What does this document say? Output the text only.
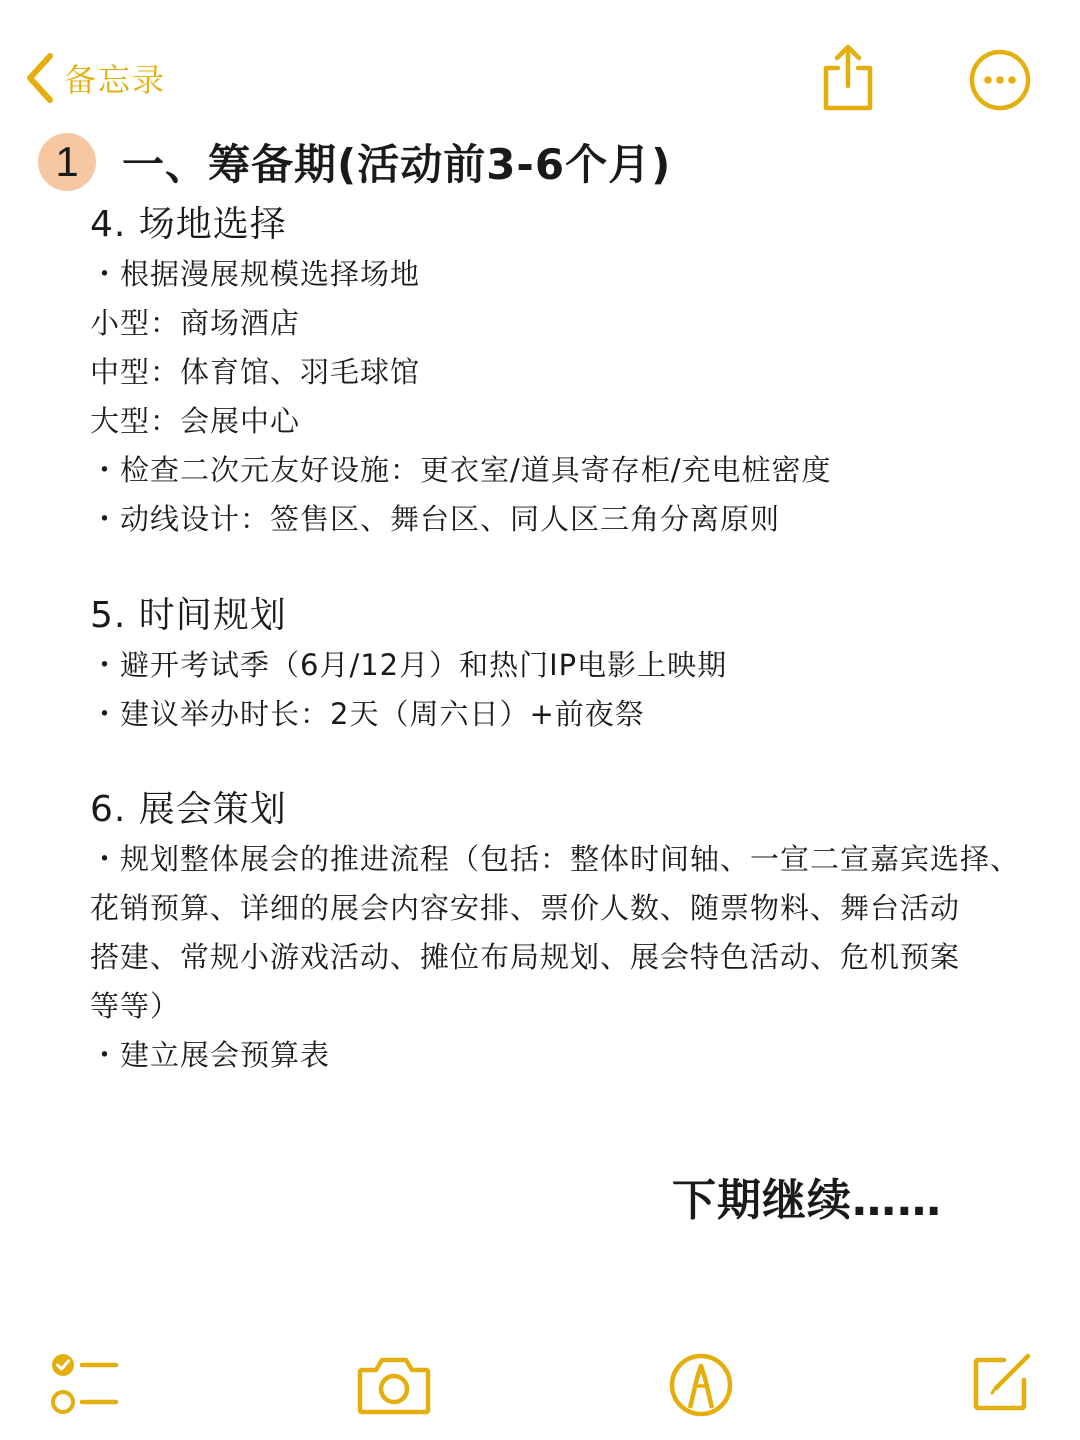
备忘录
1	一、筹备期(活动前3-6个月)
4. 场地选择

・根据漫展规模选择场地

小型：商场酒店

中型：体育馆、羽毛球馆

大型：会展中心

・检查二次元友好设施：更衣室/道具寄存柜/充电桩密度

・动线设计：签售区、舞台区、同人区三角分离原则

5. 时间规划

・避开考试季（6月/12月）和热门IP电影上映期

・建议举办时长：2天（周六日）+前夜祭

6. 展会策划

・规划整体展会的推进流程（包括：整体时间轴、一宣二宣嘉宾选择、

花销预算、详细的展会内容安排、票价人数、随票物料、舞台活动

搭建、常规小游戏活动、摊位布局规划、展会特色活动、危机预案

等等）

・建立展会预算表

下期继续……
